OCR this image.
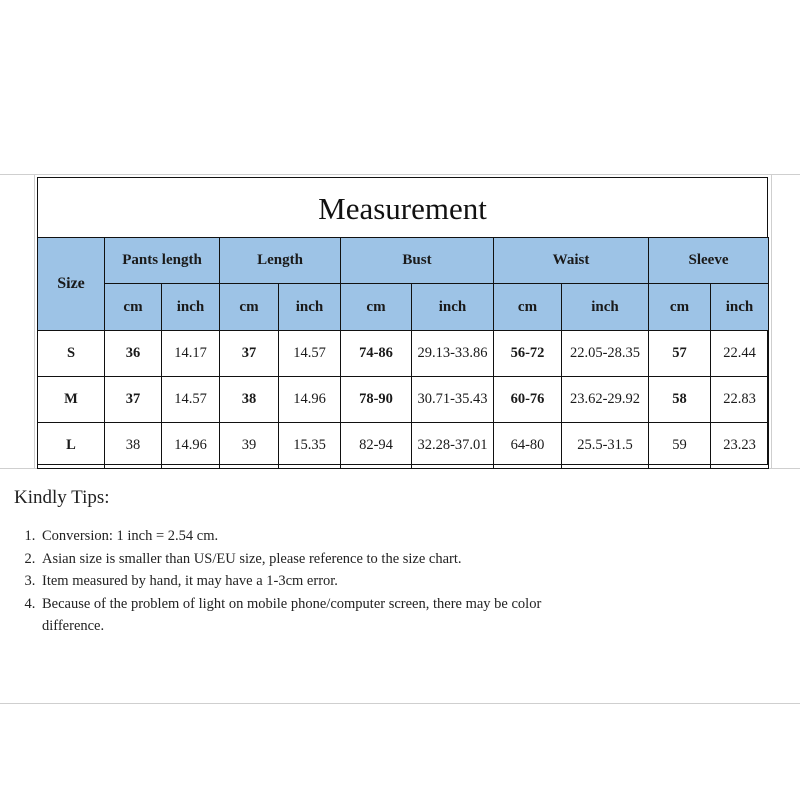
Measurement
Size	Pants length		Length		Bust		Waist		Sleeve	
	cm	inch	cm	inch	cm	inch	cm	inch	cm	inch
S	36	14.17	37	14.57	74-86	29.13-33.86	56-72	22.05-28.35	57	22.44
M	37	14.57	38	14.96	78-90	30.71-35.43	60-76	23.62-29.92	58	22.83
L	38	14.96	39	15.35	82-94	32.28-37.01	64-80	25.5-31.5	59	23.23
Kindly Tips:
1. Conversion: 1 inch = 2.54 cm.
2. Asian size is smaller than US/EU size, please reference to the size chart.
3. Item measured by hand, it may have a 1-3cm error.
4. Because of the problem of light on mobile phone/computer screen, there may be color difference.
